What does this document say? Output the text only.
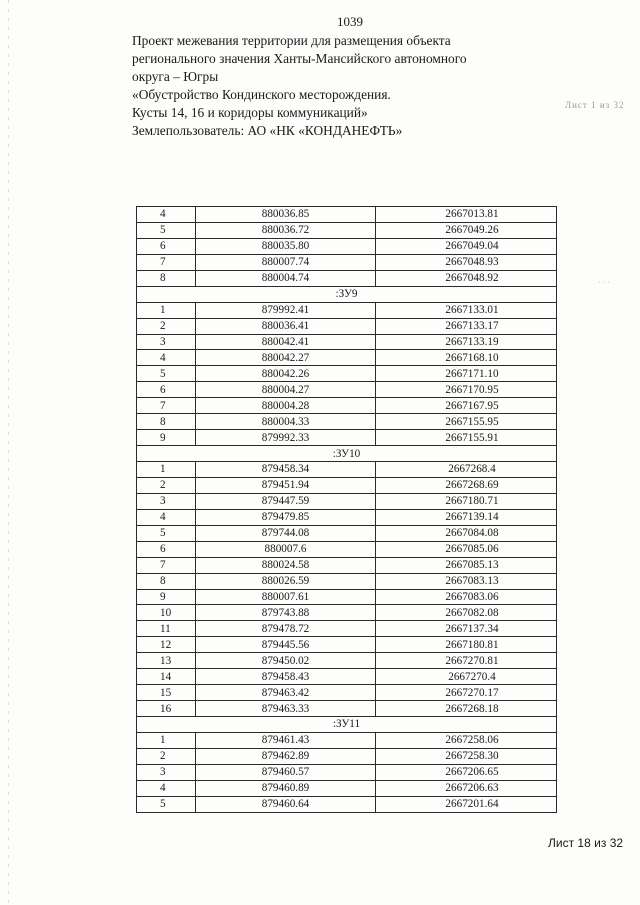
1039
Проект межевания территории для размещения объекта
регионального значения Ханты-Мансийского автономного
округа – Югры
«Обустройство Кондинского месторождения.
Кусты 14, 16 и коридоры коммуникаций»
Землепользователь: АО «НК «КОНДАНЕФТЬ»
Лист 1 из 32
· · ·
4	880036.85	2667013.81
5	880036.72	2667049.26
6	880035.80	2667049.04
7	880007.74	2667048.93
8	880004.74	2667048.92
:ЗУ9		
1	879992.41	2667133.01
2	880036.41	2667133.17
3	880042.41	2667133.19
4	880042.27	2667168.10
5	880042.26	2667171.10
6	880004.27	2667170.95
7	880004.28	2667167.95
8	880004.33	2667155.95
9	879992.33	2667155.91
:ЗУ10		
1	879458.34	2667268.4
2	879451.94	2667268.69
3	879447.59	2667180.71
4	879479.85	2667139.14
5	879744.08	2667084.08
6	880007.6	2667085.06
7	880024.58	2667085.13
8	880026.59	2667083.13
9	880007.61	2667083.06
10	879743.88	2667082.08
11	879478.72	2667137.34
12	879445.56	2667180.81
13	879450.02	2667270.81
14	879458.43	2667270.4
15	879463.42	2667270.17
16	879463.33	2667268.18
:ЗУ11		
1	879461.43	2667258.06
2	879462.89	2667258.30
3	879460.57	2667206.65
4	879460.89	2667206.63
5	879460.64	2667201.64
Лист 18 из 32
